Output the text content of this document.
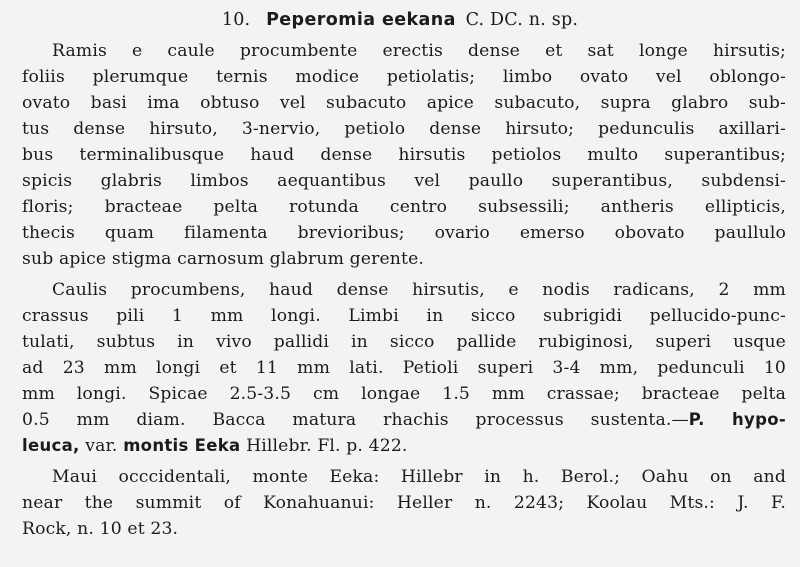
10. Peperomia eekana C. DC. n. sp.
Ramis e caule procumbente erectis dense et sat longe hirsutis;
foliis plerumque ternis modice petiolatis; limbo ovato vel oblongo-
ovato basi ima obtuso vel subacuto apice subacuto, supra glabro sub-
tus dense hirsuto, 3-nervio, petiolo dense hirsuto; pedunculis axillari-
bus terminalibusque haud dense hirsutis petiolos multo superantibus;
spicis glabris limbos aequantibus vel paullo superantibus, subdensi-
floris; bracteae pelta rotunda centro subsessili; antheris ellipticis,
thecis quam filamenta brevioribus; ovario emerso obovato paullulo
sub apice stigma carnosum glabrum gerente.
Caulis procumbens, haud dense hirsutis, e nodis radicans, 2 mm
crassus pili 1 mm longi. Limbi in sicco subrigidi pellucido-punc-
tulati, subtus in vivo pallidi in sicco pallide rubiginosi, superi usque
ad 23 mm longi et 11 mm lati. Petioli superi 3-4 mm, pedunculi 10
mm longi. Spicae 2.5-3.5 cm longae 1.5 mm crassae; bracteae pelta
0.5 mm diam. Bacca matura rhachis processus sustenta.—P. hypo-
leuca, var. montis Eeka Hillebr. Fl. p. 422.
Maui occcidentali, monte Eeka: Hillebr in h. Berol.; Oahu on and
near the summit of Konahuanui: Heller n. 2243; Koolau Mts.: J. F.
Rock, n. 10 et 23.
